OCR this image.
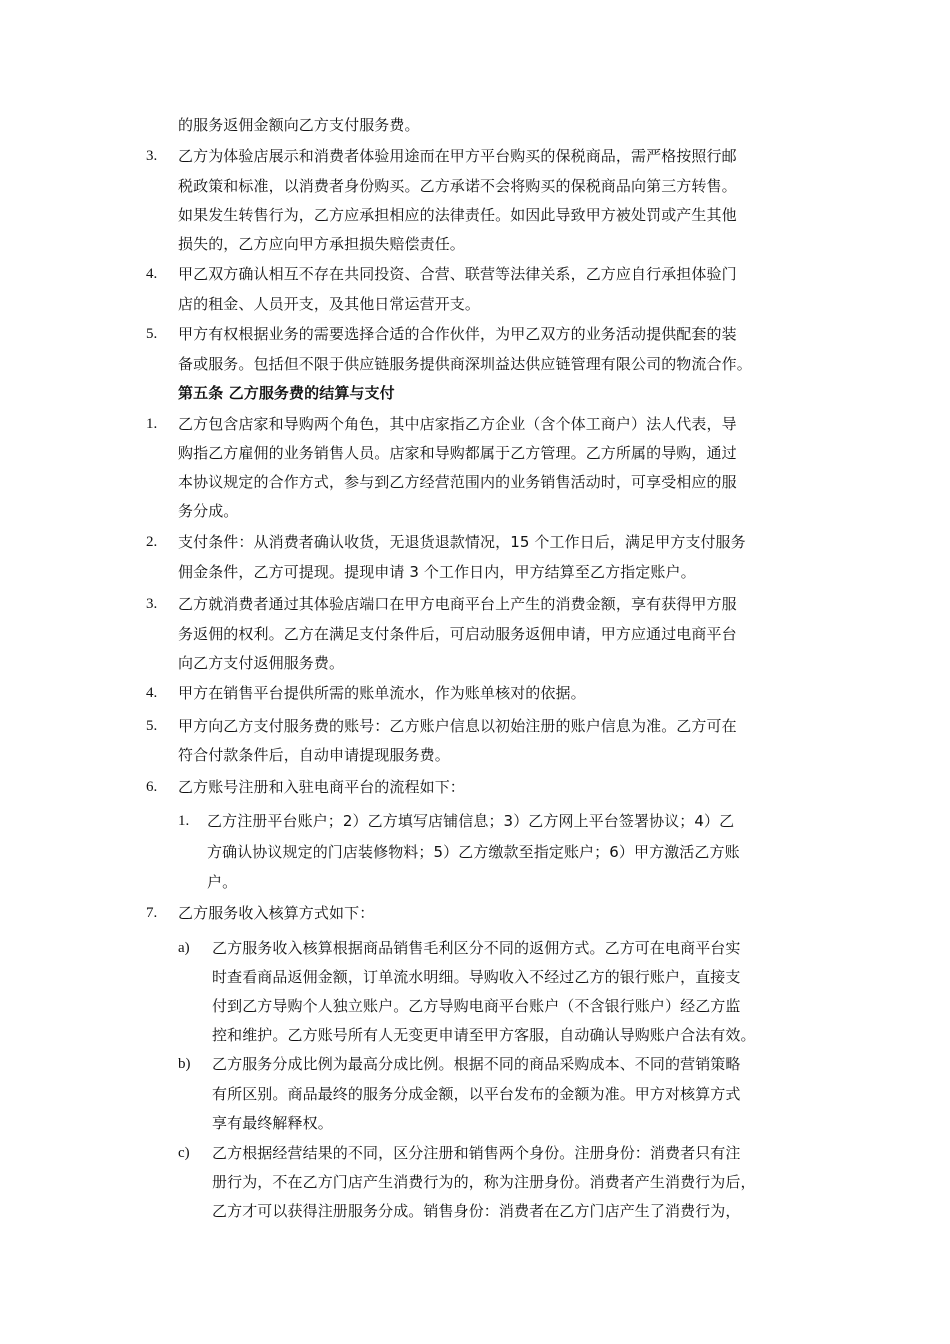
的服务返佣金额向乙方支付服务费。
3. 乙方为体验店展示和消费者体验用途而在甲方平台购买的保税商品，需严格按照行邮
税政策和标准，以消费者身份购买。乙方承诺不会将购买的保税商品向第三方转售。
如果发生转售行为，乙方应承担相应的法律责任。如因此导致甲方被处罚或产生其他
损失的，乙方应向甲方承担损失赔偿责任。
4. 甲乙双方确认相互不存在共同投资、合营、联营等法律关系，乙方应自行承担体验门
店的租金、人员开支，及其他日常运营开支。
5. 甲方有权根据业务的需要选择合适的合作伙伴，为甲乙双方的业务活动提供配套的装
备或服务。包括但不限于供应链服务提供商深圳益达供应链管理有限公司的物流合作。
第五条 乙方服务费的结算与支付
1. 乙方包含店家和导购两个角色，其中店家指乙方企业（含个体工商户）法人代表，导
购指乙方雇佣的业务销售人员。店家和导购都属于乙方管理。乙方所属的导购，通过
本协议规定的合作方式，参与到乙方经营范围内的业务销售活动时，可享受相应的服
务分成。
2. 支付条件：从消费者确认收货，无退货退款情况，15 个工作日后，满足甲方支付服务
佣金条件，乙方可提现。提现申请 3 个工作日内，甲方结算至乙方指定账户。
3. 乙方就消费者通过其体验店端口在甲方电商平台上产生的消费金额，享有获得甲方服
务返佣的权利。乙方在满足支付条件后，可启动服务返佣申请，甲方应通过电商平台
向乙方支付返佣服务费。
4. 甲方在销售平台提供所需的账单流水，作为账单核对的依据。
5. 甲方向乙方支付服务费的账号：乙方账户信息以初始注册的账户信息为准。乙方可在
符合付款条件后，自动申请提现服务费。
6. 乙方账号注册和入驻电商平台的流程如下：
1. 乙方注册平台账户；2）乙方填写店铺信息；3）乙方网上平台签署协议；4）乙
方确认协议规定的门店装修物料；5）乙方缴款至指定账户；6）甲方激活乙方账
户。
7. 乙方服务收入核算方式如下：
a) 乙方服务收入核算根据商品销售毛利区分不同的返佣方式。乙方可在电商平台实
时查看商品返佣金额，订单流水明细。导购收入不经过乙方的银行账户，直接支
付到乙方导购个人独立账户。乙方导购电商平台账户（不含银行账户）经乙方监
控和维护。乙方账号所有人无变更申请至甲方客服，自动确认导购账户合法有效。
b) 乙方服务分成比例为最高分成比例。根据不同的商品采购成本、不同的营销策略
有所区别。商品最终的服务分成金额，以平台发布的金额为准。甲方对核算方式
享有最终解释权。
c) 乙方根据经营结果的不同，区分注册和销售两个身份。注册身份：消费者只有注
册行为，不在乙方门店产生消费行为的，称为注册身份。消费者产生消费行为后，
乙方才可以获得注册服务分成。销售身份：消费者在乙方门店产生了消费行为，
